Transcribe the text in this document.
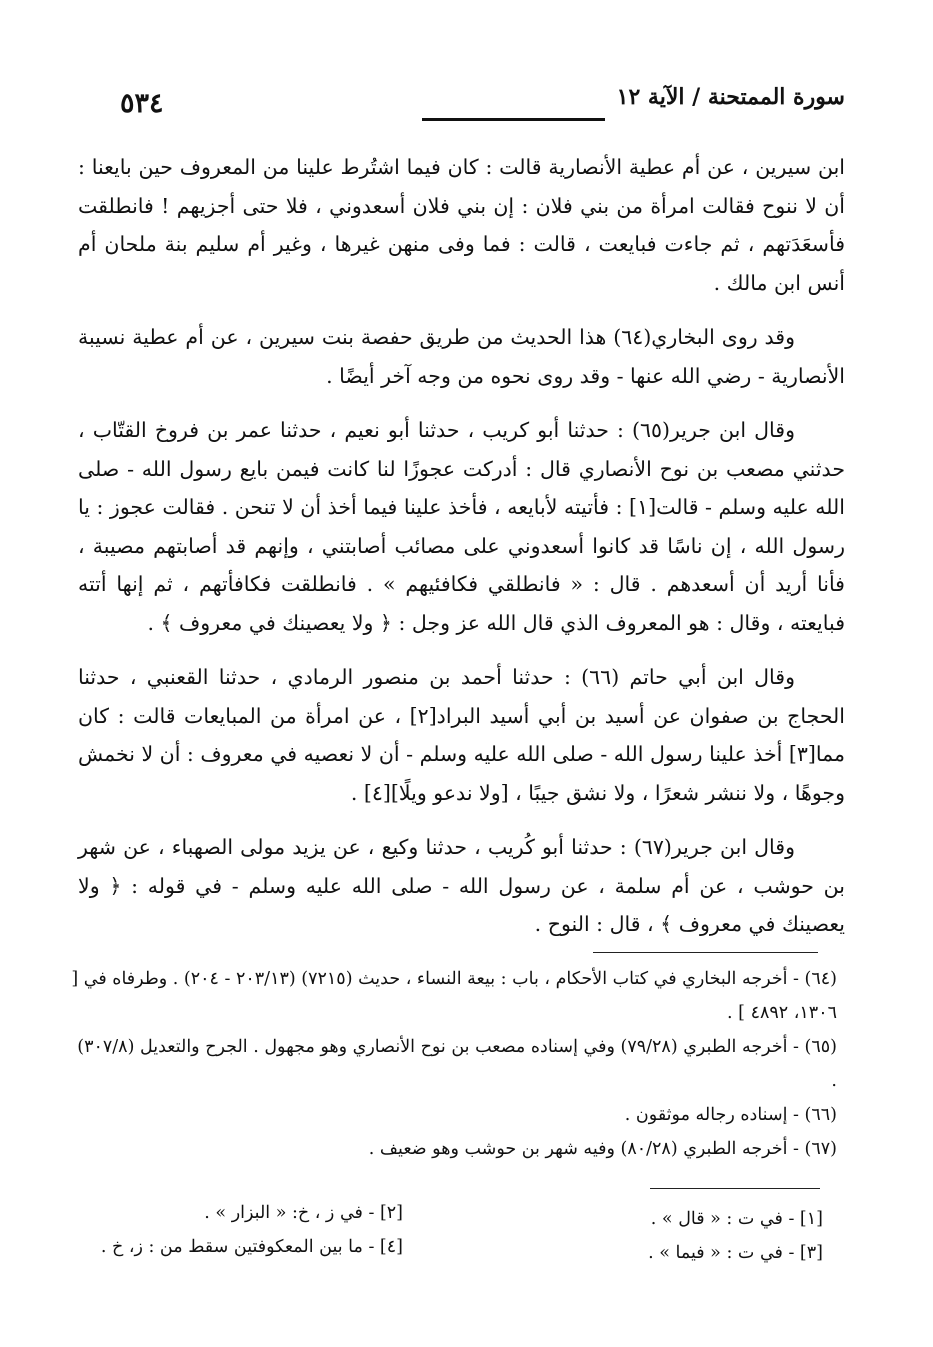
سورة الممتحنة / الآية ١٢
٥٣٤

ابن سيرين ، عن أم عطية الأنصارية قالت : كان فيما اشتُرط علينا من المعروف حين بايعنا : أن لا ننوح فقالت امرأة من بني فلان : إن بني فلان أسعدوني ، فلا حتى أجزيهم ! فانطلقت فأسعَدَتهم ، ثم جاءت فبايعت ، قالت : فما وفى منهن غيرها ، وغير أم سليم بنة ملحان أم أنس ابن مالك .

وقد روى البخاري(٦٤) هذا الحديث من طريق حفصة بنت سيرين ، عن أم عطية نسيبة الأنصارية - رضي الله عنها - وقد روى نحوه من وجه آخر أيضًا .

وقال ابن جرير(٦٥) : حدثنا أبو كريب ، حدثنا أبو نعيم ، حدثنا عمر بن فروخ القتّاب ، حدثني مصعب بن نوح الأنصاري قال : أدركت عجوزًا لنا كانت فيمن بايع رسول الله - صلى الله عليه وسلم - قالت[١] : فأتيته لأبايعه ، فأخذ علينا فيما أخذ أن لا تنحن . فقالت عجوز : يا رسول الله ، إن ناسًا قد كانوا أسعدوني على مصائب أصابتني ، وإنهم قد أصابتهم مصيبة ، فأنا أريد أن أسعدهم . قال : « فانطلقي فكافئيهم » . فانطلقت فكافأتهم ، ثم إنها أتته فبايعته ، وقال : هو المعروف الذي قال الله عز وجل : ﴿ ولا يعصينك في معروف ﴾ .

وقال ابن أبي حاتم (٦٦) : حدثنا أحمد بن منصور الرمادي ، حدثنا القعنبي ، حدثنا الحجاج بن صفوان عن أسيد بن أبي أسيد البراد[٢] ، عن امرأة من المبايعات قالت : كان مما[٣] أخذ علينا رسول الله - صلى الله عليه وسلم - أن لا نعصيه في معروف : أن لا نخمش وجوهًا ، ولا ننشر شعرًا ، ولا نشق جيبًا ، [ولا ندعو ويلًا][٤] .

وقال ابن جرير(٦٧) : حدثنا أبو كُريب ، حدثنا وكيع ، عن يزيد مولى الصهباء ، عن شهر بن حوشب ، عن أم سلمة ، عن رسول الله - صلى الله عليه وسلم - في قوله : ﴿ ولا يعصينك في معروف ﴾ ، قال : النوح .

(٦٤) - أخرجه البخاري في كتاب الأحكام ، باب : بيعة النساء ، حديث (٧٢١٥) (٢٠٣/١٣ - ٢٠٤) . وطرفاه في [ ١٣٠٦، ٤٨٩٢ ] .

(٦٥) - أخرجه الطبري (٧٩/٢٨) وفي إسناده مصعب بن نوح الأنصاري وهو مجهول . الجرح والتعديل (٣٠٧/٨) .

(٦٦) - إسناده رجاله موثقون .

(٦٧) - أخرجه الطبري (٨٠/٢٨) وفيه شهر بن حوشب وهو ضعيف .

[١] - في ت : « قال » .
[٣] - في ت : « فيما » .
[٢] - في ز ، خ: « البزار » .
[٤] - ما بين المعكوفتين سقط من : ز، خ .
